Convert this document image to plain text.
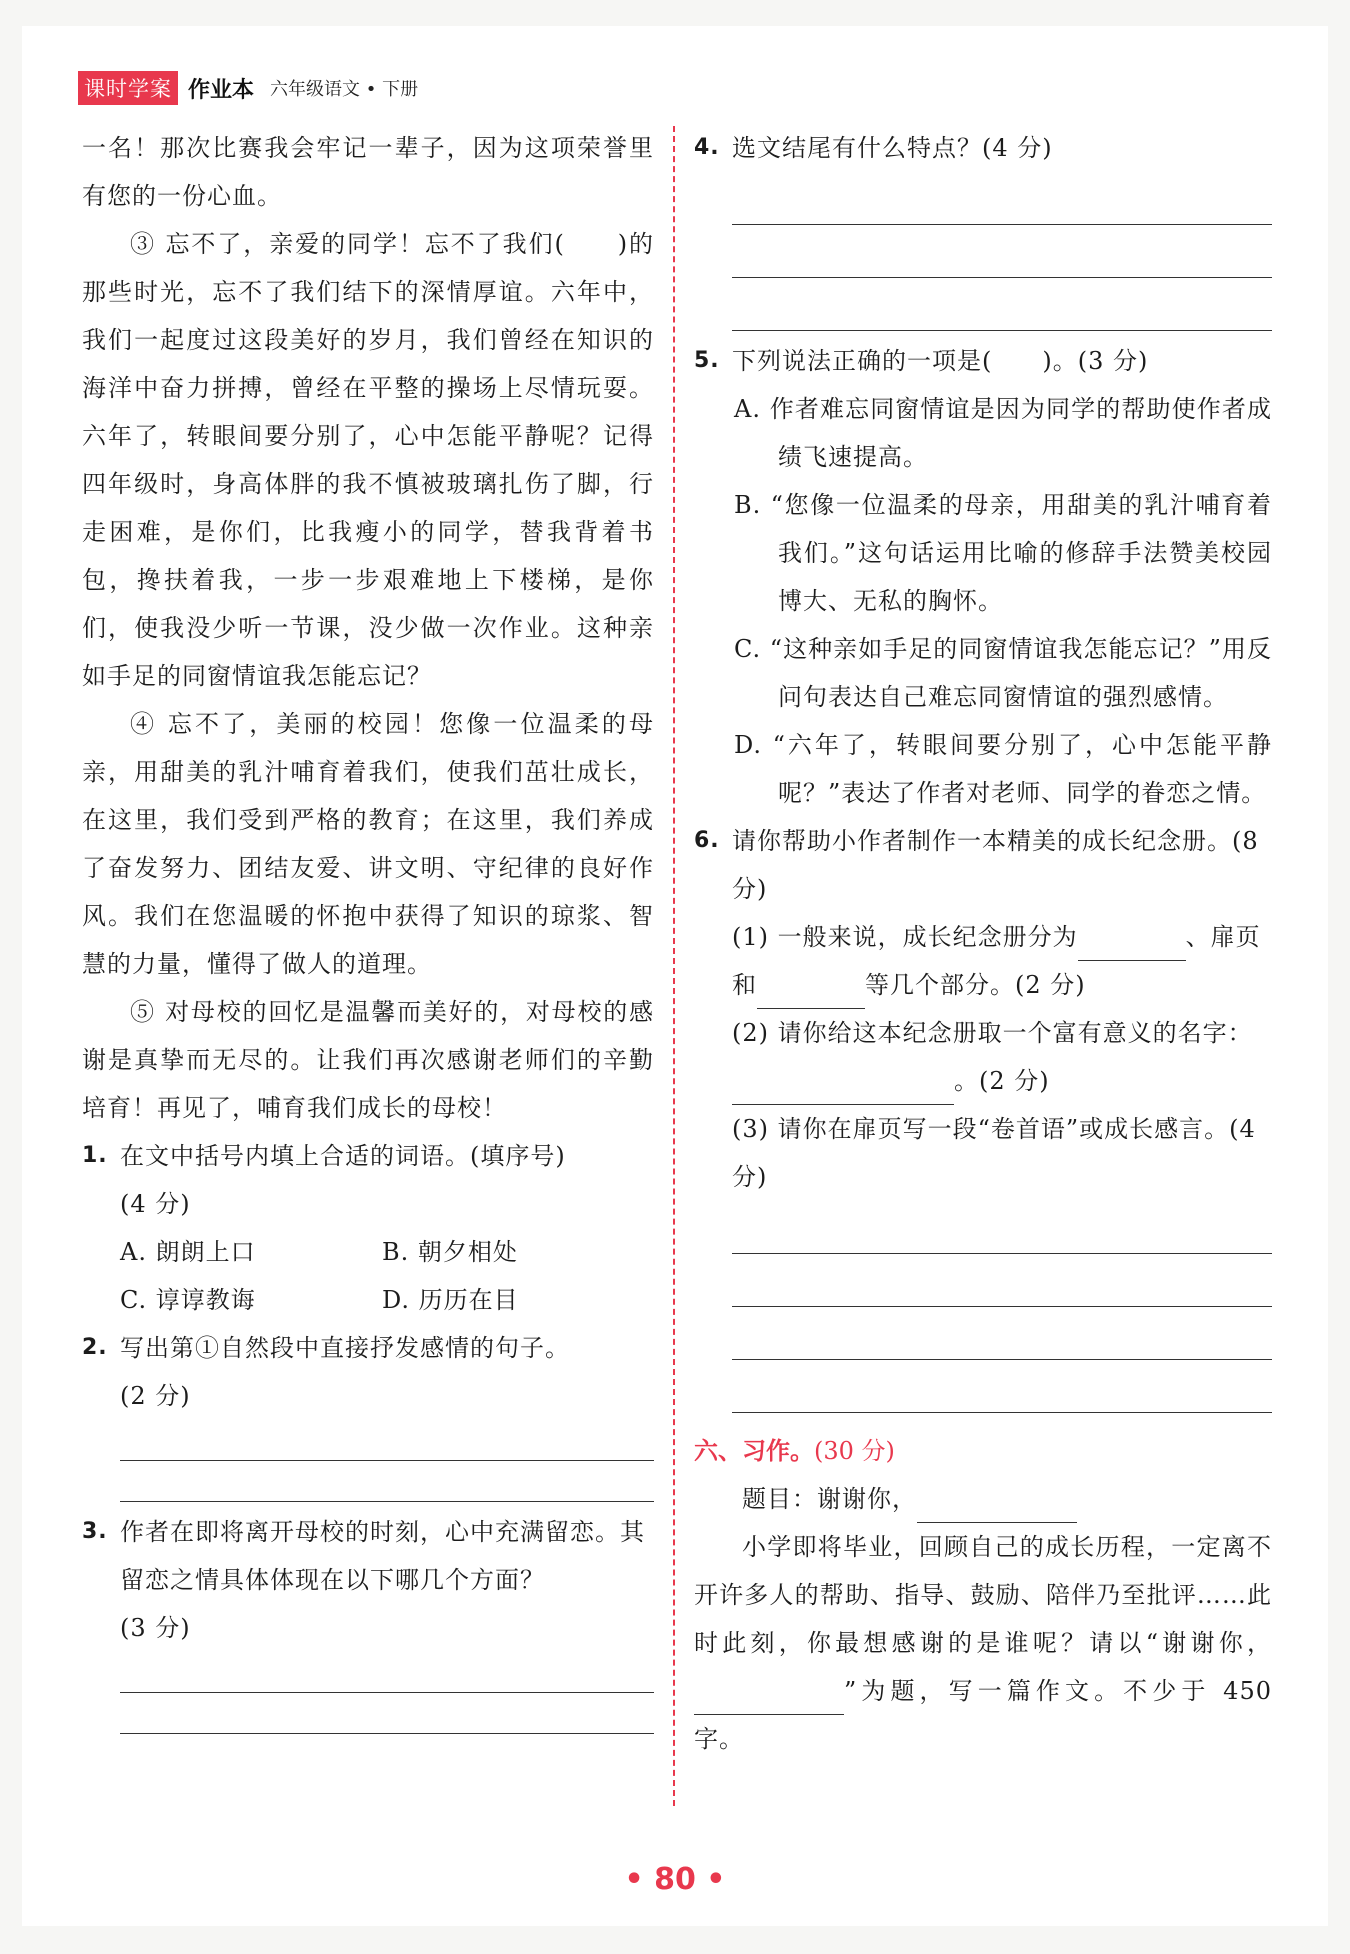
课时学案 作业本 六年级语文 • 下册

一名！那次比赛我会牢记一辈子，因为这项荣誉里有您的一份心血。

③ 忘不了，亲爱的同学！忘不了我们(　　)的那些时光，忘不了我们结下的深情厚谊。六年中，我们一起度过这段美好的岁月，我们曾经在知识的海洋中奋力拼搏，曾经在平整的操场上尽情玩耍。六年了，转眼间要分别了，心中怎能平静呢？记得四年级时，身高体胖的我不慎被玻璃扎伤了脚，行走困难，是你们，比我瘦小的同学，替我背着书包，搀扶着我，一步一步艰难地上下楼梯，是你们，使我没少听一节课，没少做一次作业。这种亲如手足的同窗情谊我怎能忘记？

④ 忘不了，美丽的校园！您像一位温柔的母亲，用甜美的乳汁哺育着我们，使我们茁壮成长，在这里，我们受到严格的教育；在这里，我们养成了奋发努力、团结友爱、讲文明、守纪律的良好作风。我们在您温暖的怀抱中获得了知识的琼浆、智慧的力量，懂得了做人的道理。

⑤ 对母校的回忆是温馨而美好的，对母校的感谢是真挚而无尽的。让我们再次感谢老师们的辛勤培育！再见了，哺育我们成长的母校！

1. 在文中括号内填上合适的词语。(填序号)

(4 分)

A. 朗朗上口	B. 朝夕相处
C. 谆谆教诲	D. 历历在目
2. 写出第①自然段中直接抒发感情的句子。

(2 分)

3. 作者在即将离开母校的时刻，心中充满留恋。其留恋之情具体体现在以下哪几个方面？

(3 分)

4. 选文结尾有什么特点？(4 分)
5. 下列说法正确的一项是(　　)。(3 分)

A. 作者难忘同窗情谊是因为同学的帮助使作者成绩飞速提高。

B. “您像一位温柔的母亲，用甜美的乳汁哺育着我们。”这句话运用比喻的修辞手法赞美校园博大、无私的胸怀。

C. “这种亲如手足的同窗情谊我怎能忘记？”用反问句表达自己难忘同窗情谊的强烈感情。

D. “六年了，转眼间要分别了，心中怎能平静呢？”表达了作者对老师、同学的眷恋之情。

6. 请你帮助小作者制作一本精美的成长纪念册。(8 分)

(1) 一般来说，成长纪念册分为	、扉页和	等几个部分。(2 分)

(2) 请你给这本纪念册取一个富有意义的名字：。(2 分)

(3) 请你在扉页写一段“卷首语”或成长感言。(4 分)

六、习作。(30 分)

题目：谢谢你，

小学即将毕业，回顾自己的成长历程，一定离不开许多人的帮助、指导、鼓励、陪伴乃至批评……此时此刻，你最想感谢的是谁呢？请以“谢谢你，”为题，写一篇作文。不少于 450 字。

• 80 •
